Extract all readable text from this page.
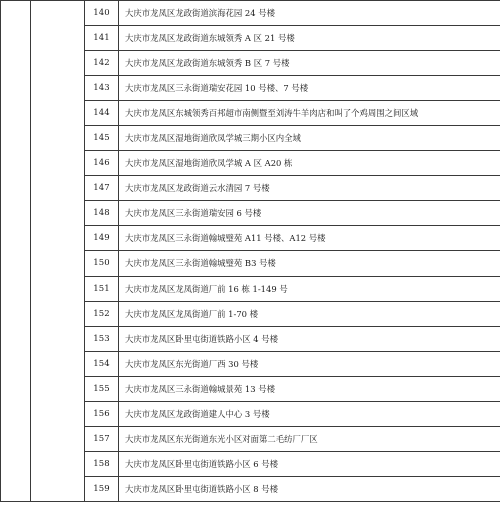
		140	大庆市龙凤区龙政街道滨海花园 24 号楼
		141	大庆市龙凤区龙政街道东城领秀 A 区 21 号楼
		142	大庆市龙凤区龙政街道东城领秀 B 区 7 号楼
		143	大庆市龙凤区三永街道瑞安花园 10 号楼、7 号楼
		144	大庆市龙凤区东城领秀百邦超市南侧暨至刘涛牛羊肉店和叫了个鸡周围之间区域
		145	大庆市龙凤区湿地街道欣凤学城三期小区内全域
		146	大庆市龙凤区湿地街道欣凤学城 A 区 A20 栋
		147	大庆市龙凤区龙政街道云水清园 7 号楼
		148	大庆市龙凤区三永街道瑞安园 6 号楼
		149	大庆市龙凤区三永街道翰城璧苑 A11 号楼、A12 号楼
		150	大庆市龙凤区三永街道翰城璧苑 B3 号楼
		151	大庆市龙凤区龙凤街道厂前 16 栋 1-149 号
		152	大庆市龙凤区龙凤街道厂前 1-70 楼
		153	大庆市龙凤区卧里屯街道铁路小区 4 号楼
		154	大庆市龙凤区东光街道厂西 30 号楼
		155	大庆市龙凤区三永街道翰城景苑 13 号楼
		156	大庆市龙凤区龙政街道建人中心 3 号楼
		157	大庆市龙凤区东光街道东光小区对面第二毛纺厂厂区
		158	大庆市龙凤区卧里屯街道铁路小区 6 号楼
		159	大庆市龙凤区卧里屯街道铁路小区 8 号楼
